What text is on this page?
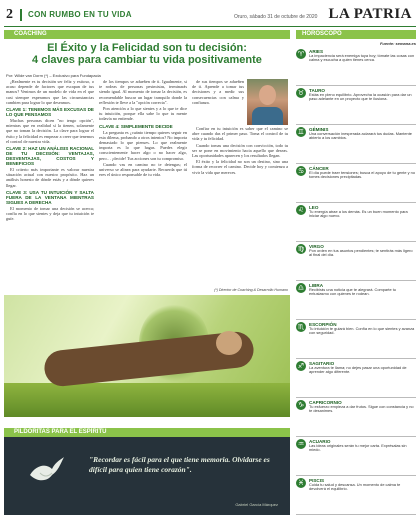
2 CON RUMBO EN TU VIDA	Oruro, sábado 31 de octubre de 2020 LA PATRIA
COACHING
El Éxito y la Felicidad son tu decisión:
4 claves para cambiar tu vida positivamente
Por: Wilde van Dorm (*) – Exclusivo para Fundapacia

¿Realmente es tu decisión ser feliz y exitoso, o acaso depende de factores que escapan de tus manos? Venimos de un modelo de vida en el que casi siempre esperamos que las circunstancias cambien para lograr lo que deseamos.

CLAVE 1: TENEMOS MÁS EXCUSAS DE LO QUE PENSAMOS

Muchas personas dicen "no tengo opción", mientras que en realidad sí la tienen, solamente que no toman la decisión. La clave para lograr el éxito y la felicidad es empezar a creer que tenemos el control de nuestra vida.

CLAVE 2: HAZ UN ANÁLISIS RACIONAL DE TU DECISIÓN: VENTAJAS, DESVENTAJAS, COSTOS Y BENEFICIOS

El criterio más importante es valorar nuestra situación actual con nuestro propósito. Haz un análisis honesto de dónde estás y a dónde quieres llegar.

CLAVE 3: USA TU INTUICIÓN Y SALTA FUERA DE LA VENTANA MIENTRAS SIGUES A DERECHA

El momento de tomar una decisión se acerca; confía en lo que sientes y deja que tu intuición te guíe.

de los tiempos se adueñen de ti. Igualmente, si te rodeas de personas pesimistas, terminarás siendo igual. Al momento de tomar la decisión, es recomendable buscar un lugar tranquilo donde la reflexión te lleve a la "opción correcta".

Pon atención a lo que sientes y a lo que te dice tu intuición, porque ella sabe lo que tu mente todavía no entiende.

CLAVE 4: SIMPLEMENTE DECIDE

La pregunta es ¿cuánto tiempo quieres seguir en esta dilema, probando a otros intentos? No importa demasiado lo que pienses. Lo que realmente importa es lo que hagas. Puedes elegir conscientemente hacer algo o no hacer algo, pero… ¡decide! Tus acciones son tu compromiso.

Cuando vas en camino no te detengas; el universo se alinea para ayudarte. Recuerda que tú eres el único responsable de tu vida.

de sus tiempos se adueñen de ti. Aprende a tomar tus decisiones y a medir sus consecuencias con calma y confianza.

Confiar en tu intuición es saber que el camino se abre cuando das el primer paso. Toma el control de tu vida y tu felicidad.

Cuando tomas una decisión con convicción, todo tu ser se pone en movimiento hacia aquello que deseas. Las oportunidades aparecen y los resultados llegan.

El éxito y la felicidad no son un destino, sino una forma de recorrer el camino. Decide hoy y comienza a vivir la vida que mereces.

(*) Director de Coaching & Desarrollo Humano
PILDORITAS PARA EL ESPÍRITU
"Recordar es fácil para el que tiene memoria. Olvidarse es difícil para quien tiene corazón".
Gabriel García Márquez
HORÓSCOPO
Fuente: semana.es
♈	ARIES
La impaciencia será enemiga tuya hoy; tómate las cosas con calma y escucha a quien tienes cerca.
♉	TAURO
Estás en pleno equilibrio. Aprovecha la ocasión para dar un paso adelante en un proyecto que te ilusiona.
♊	GÉMINIS
Una conversación inesperada aclarará tus dudas. Mantente abierto a los cambios.
♋	CÁNCER
El día puede traer tensiones; busca el apoyo de tu gente y no tomes decisiones precipitadas.
♌	LEO
Tu energía atrae a los demás. Es un buen momento para iniciar algo nuevo.
♍	VIRGO
Pon orden en tus asuntos pendientes; te sentirás más ligero al final del día.
♎	LIBRA
Recibirás una noticia que te alegrará. Comparte tu entusiasmo con quienes te rodean.
♏	ESCORPIÓN
Tu intuición te guiará bien. Confía en lo que sientes y avanza con seguridad.
♐	SAGITARIO
La aventura te llama; no dejes pasar una oportunidad de aprender algo diferente.
♑	CAPRICORNIO
Tu esfuerzo empieza a dar frutos. Sigue con constancia y no te desanimes.
♒	ACUARIO
Las ideas originales serán tu mejor carta. Exprésalas sin miedo.
♓	PISCIS
Cuida tu salud y descansa. Un momento de calma te devolverá el equilibrio.
